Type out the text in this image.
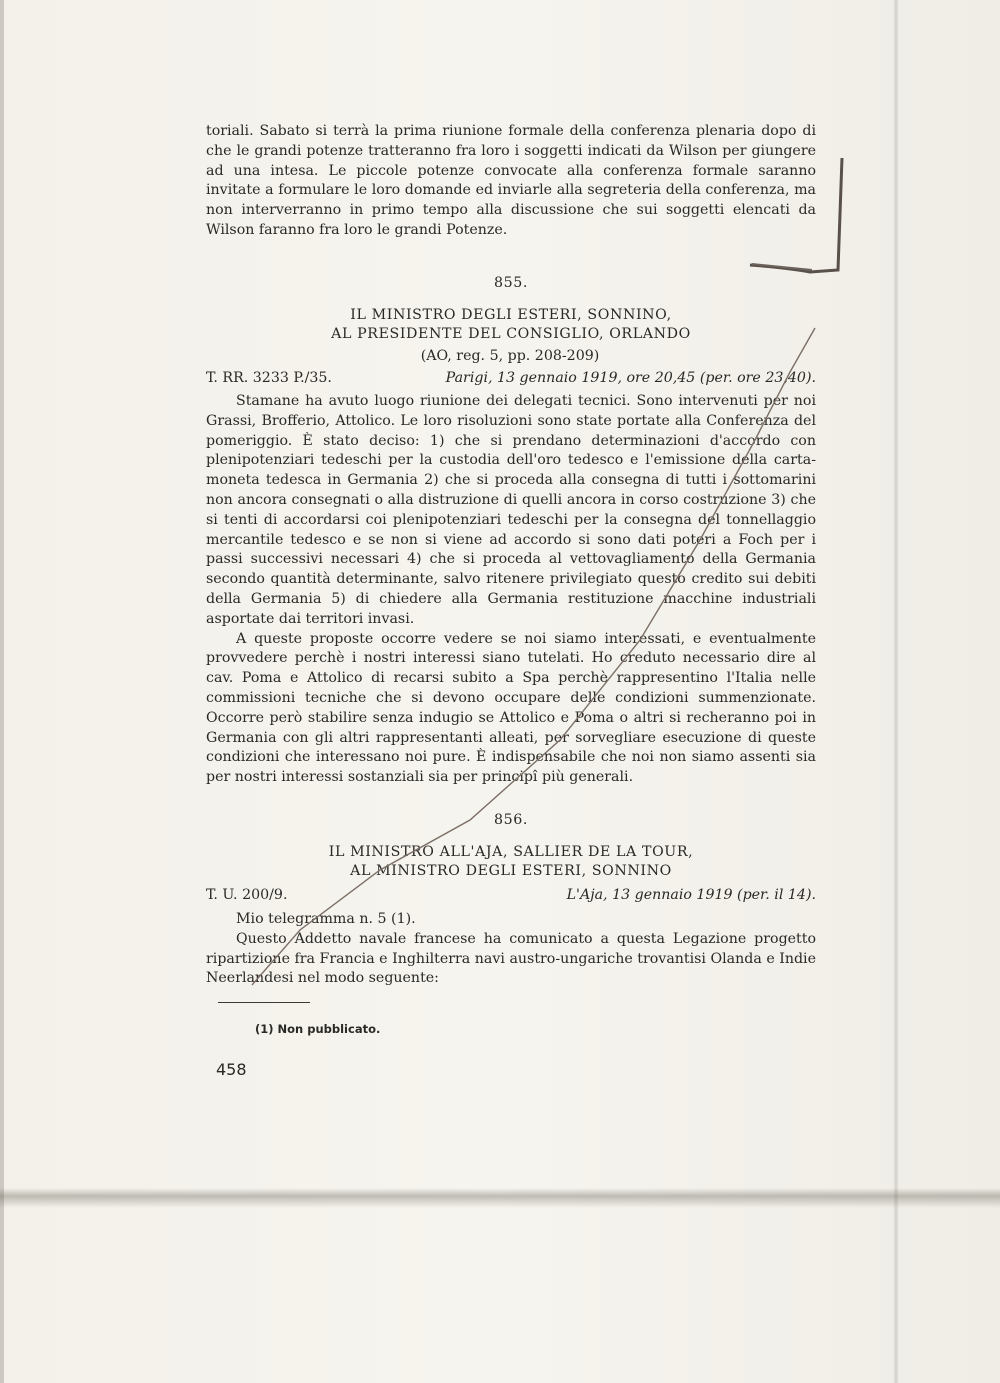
toriali. Sabato si terrà la prima riunione formale della conferenza plenaria dopo di che le grandi potenze tratteranno fra loro i soggetti indicati da Wilson per giungere ad una intesa. Le piccole potenze convocate alla conferenza formale saranno invitate a formulare le loro domande ed inviarle alla segreteria della conferenza, ma non interverranno in primo tempo alla discussione che sui soggetti elencati da Wilson faranno fra loro le grandi Potenze.

855.
IL MINISTRO DEGLI ESTERI, SONNINO,
AL PRESIDENTE DEL CONSIGLIO, ORLANDO
(AO, reg. 5, pp. 208-209)
T. RR. 3233 P./35.	Parigi, 13 gennaio 1919, ore 20,45 (per. ore 23,40).

Stamane ha avuto luogo riunione dei delegati tecnici. Sono intervenuti per noi Grassi, Brofferio, Attolico. Le loro risoluzioni sono state portate alla Conferenza del pomeriggio. È stato deciso: 1) che si prendano determinazioni d'accordo con plenipotenziari tedeschi per la custodia dell'oro tedesco e l'emissione della carta-moneta tedesca in Germania 2) che si proceda alla consegna di tutti i sottomarini non ancora consegnati o alla distruzione di quelli ancora in corso costruzione 3) che si tenti di accordarsi coi plenipotenziari tedeschi per la consegna del tonnellaggio mercantile tedesco e se non si viene ad accordo si sono dati poteri a Foch per i passi successivi necessari 4) che si proceda al vettovagliamento della Germania secondo quantità determinante, salvo ritenere privilegiato questo credito sui debiti della Germania 5) di chiedere alla Germania restituzione macchine industriali asportate dai territori invasi.

A queste proposte occorre vedere se noi siamo interessati, e eventualmente provvedere perchè i nostri interessi siano tutelati. Ho creduto necessario dire al cav. Poma e Attolico di recarsi subito a Spa perchè rappresentino l'Italia nelle commissioni tecniche che si devono occupare delle condizioni summenzionate. Occorre però stabilire senza indugio se Attolico e Poma o altri si recheranno poi in Germania con gli altri rappresentanti alleati, per sorvegliare esecuzione di queste condizioni che interessano noi pure. È indispensabile che noi non siamo assenti sia per nostri interessi sostanziali sia per principî più generali.

856.
IL MINISTRO ALL'AJA, SALLIER DE LA TOUR,
AL MINISTRO DEGLI ESTERI, SONNINO
T. U. 200/9.	L'Aja, 13 gennaio 1919 (per. il 14).

Mio telegramma n. 5 (1).

Questo Addetto navale francese ha comunicato a questa Legazione progetto ripartizione fra Francia e Inghilterra navi austro-ungariche trovantisi Olanda e Indie Neerlandesi nel modo seguente:

(1) Non pubblicato.
458
